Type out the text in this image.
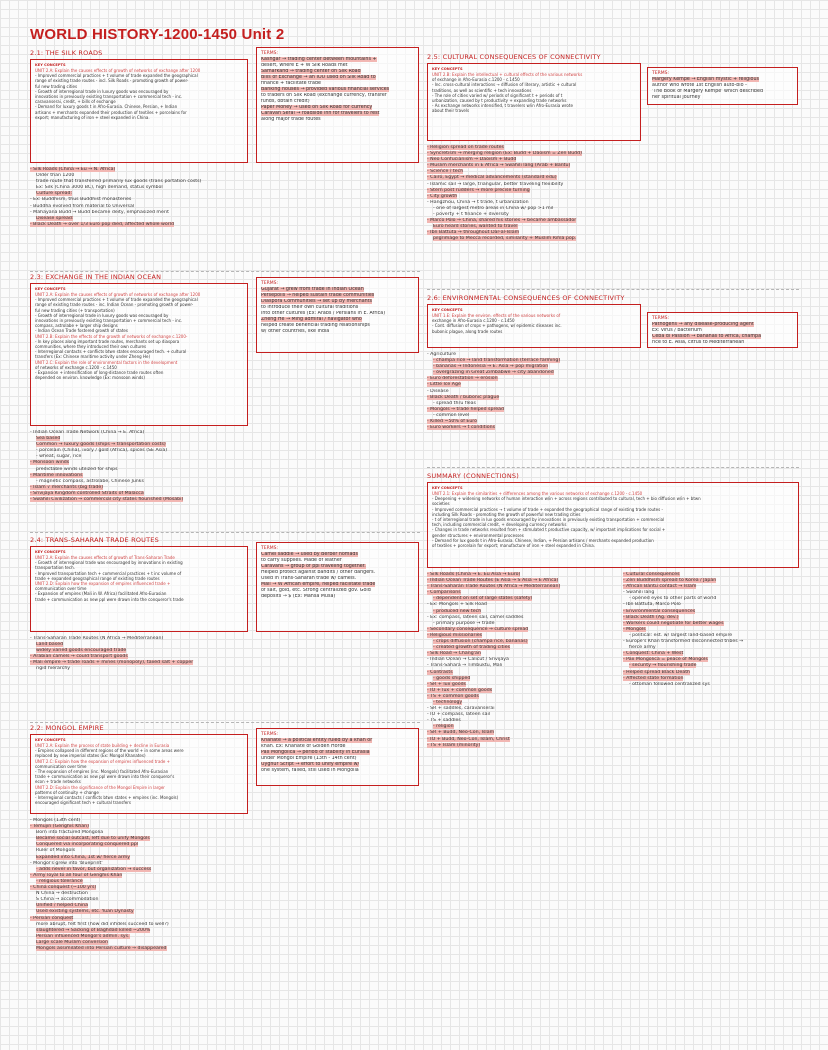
WORLD HISTORY-1200-1450 Unit 2
2.1: THE SILK ROADS
KEY CONCEPTS
UNIT 2.A: Explain the causes effects of growth of networks of exchange after 1200
- Improved commercial practices + t volume of trade expanded the geographical
range of existing trade routes - incl. Silk Roads - promoting growth of power-
ful new trading cities
- Growth of interregional trade in luxury goods was encouraged by
innovations in previously existing transportation + commercial tech - inc.
caravanserai, credit, + bills of exchange
- Demand for luxury goods t in Afro-Eurasia. Chinese, Persian, + Indian
artisans + merchants expanded their production of textiles + porcelains for
export; manufacturing of iron + steel expanded in China.
TERMS:
Kashgar → trading center between mountains +
desert, where E + W Silk Roads met
Samarkand → trading center on Silk Road
Bills of Exchange → an IOU used on Silk Road to
finance + facilitate trade
Banking houses → provided various financial services
to traders on Silk Road (exchange currency, transfer
funds, obtain credit)
Paper Money → used on Silk Road for currency
Caravan Serai → roadside inn for travelers to rest
along major trade routes
- Silk Roads (China → Eu → N. Africa)
Older than 1200
trade route that transferred primarily lux goods (trans portation costs)
Ex: Silk (China 3000 BC), high demand, status symbol
Culture spread:
- Ex: Buddhism, thus Buddhist monasteries
- Buddha evolved from material to Universal
- Mahayana Budd → Budd became deity, emphasized merit
Disease spread:
- Black Death → over 1/3 Euro pop died, affected whole world
2.3: EXCHANGE IN THE INDIAN OCEAN
KEY CONCEPTS
UNIT 2.A: Explain the causes effects of growth of networks of exchange after 1200
- Improved commercial practices + t volume of trade expanded the geographical
range of existing trade routes - inc. Indian Ocean - promoting growth of power-
ful new trading cities (+ transportation)
- Growth of interregional trade in luxury goods was encouraged by
innovations in previously existing transportation + commercial tech - inc.
compass, astrolabe + larger ship designs
- Indian Ocean Trade fostered growth of states
UNIT 2.B: Explain the effects of the growth of networks of exchange c.1200-
- In key places along important trade routes, merchants set up diaspora
communities, where they introduced their own cultures
- Interregional contacts + conflicts btwn states encouraged tech. + cultural
transfers (Ex: Chinese maritime activity under Zheng He)
UNIT 2.C: Explain the role of environmental factors in the development
of networks of exchange c.1200 - c.1450
- Expansion + intensification of long-distance trade routes often
depended on environ. knowledge (Ex: monsoon winds)
TERMS:
Gujarat → grew from trade in Indian Ocean
Persepolis → helped sustain trade communities
Diaspora Communities → set up by merchants
to introduce their own cultural traditions
into other cultures (Ex: Arabs / Persians in E. Africa)
Zheng He → Ming admiral / navigator who
helped create beneficial trading relationships
w/ other countries, like India
- Indian Ocean Trade Network (China → E. Africa)
Sea based
Common → luxury goods (ships → transportation costs)
- porcelain (China), ivory / gold (Africa), spices (SE Asia)
- wheat, sugar, rice
- Monsoon winds
predictable winds utilized for ships
- Maritime innovations
- magnetic compass, astrolabe, Chinese Junks
- Islam √ merchants (big trade)
- Srivijaya Kingdom controlled Straits of Malacca
- Swahili Civilization → commercial city states flourished (Mosabi)
2.4: TRANS-SAHARAN TRADE ROUTES
KEY CONCEPTS
UNIT 2.A: Explain the causes effects of growth of Trans-Saharan Trade
- Growth of interregional trade was encouraged by innovations in existing
transportation tech.
- Improved transportation tech + commercial practices + t inc volume of
trade + expanded geographical range of existing trade routes
UNIT 2.D: Explain how the expansion of empires influenced trade +
communication over time
- Expansion of empires (Mali in W. Africa) facilitated Afro-Eurasian
trade + communication as new ppl were drawn into the conqueror's trade
TERMS:
Camel saddle → used by Berber nomads
to carry supplies. Made of leather
Caravans → group of ppl traveling together.
Helped protect against bandits / other dangers.
Used in Trans-Saharan trade w/ camels.
Mali → W African empire, helped facilitate trade
of salt, gold, etc. Strong centralized gov. Gold
deposits → $ (Ex: Mansa Musa)
- Trans-Saharan Trade Routes (N Africa → Mediterranean)
Land based
widely varied goods encouraged trade
- Arabian camels → could transport goods
- Mali empire → trade roads + mines (monopoly), taxed salt + copper
rigid hierarchy
2.2: MONGOL EMPIRE
KEY CONCEPTS
UNIT 2.A: Explain the process of state building + decline in Eurasia
- Empires collapsed in different regions of the world + in some areas were
replaced by new imperial states (Ex: Mongol Khanates)
UNIT 2.C: Explain how the expansion of empires influenced trade +
communication over time
- The expansion of empires (inc. Mongols) facilitated Afro-Eurasian
trade + communication as new ppl were drawn into their conqueror's
econ + trade networks
UNIT 2.D: Explain the significance of the Mongol Empire in larger
patterns of continuity + change
- Interregional contacts / conflicts btwn states + empires (inc. Mongols)
encouraged significant tech + cultural transfers
TERMS:
Khanate → a political entity ruled by a khan or
khan. Ex: Khanate of Golden Horde
Pax Mongolica → period of stability in Eurasia
under Mongol Empire (13th - 14th cent)
Uyghur Script → effort to unify empire w/
one system, failed, still used in Mongolia
- Mongols (13th cent)
- Temujin (Genghis Khan)
Born into fractured Mongolia
Became social outcast, left due to unify Mongols
Conquered via incorporating conquered ppl
Ruler of Mongols
Expanded into China, 1st w/ fierce army
- Mongol's grew into 'blueprint'
- adds never in favor, but organization → success
- Army loyal to all four of Genghis Khan
- religious tolerance
- China conquest (~100 yrs)
N China → destruction
S China → accommodation
Unified / helped China
Used existing systems, etc. Yuan Dynasty
- Persian conquest
more abrupt, felt first (how did infidels succeed to well?)
slaughtered → Sacking of Baghdad killed ~200%
Persian influenced Mongol's admin. sys.
Large scale Muslim conversion
Mongols assimilated into Persian culture → disappeared
2.5: CULTURAL CONSEQUENCES OF CONNECTIVITY
KEY CONCEPTS
UNIT 2.B: Explain the intellectual + cultural effects of the various networks
of exchange in Afro-Eurasia c.1200 - c.1450
- Inc. cross-cultural interactions → diffusion of literary, artistic + cultural
traditions, as well as scientific + tech innovations
- The role of cities varied w/ periods of significant t + periods of t
urbanization, caused by t productivity + expanding trade networks
- As exchange networks intensified, t travelers w/in Afro-Eurasia wrote
about their travels
TERMS:
Margery Kempe → English mystic + religious
author who wrote 1st English auto-bio -
'The Book of Margery Kempe' which described
her spiritual journey
- Religion spread on trade routes
- Syncretism → merging religion (Ex: Budd + Daoism = Zen Budd)
- Neo Confucianism → Daoism + Budd
- Muslim merchants in E Africa → Swahili lang (Arab + Bantu)
- Science / tech
- Cairo, Egypt → medical advancements (standard edu)
- Islamic sail → large, triangular, better traveling flexibility
- Stern post rudders → more precise turning
- City growth
- Hangzhou, China → t trade, t urbanization
- one of largest metro areas in China w/ pop >1 mil
- poverty + t finance + diversity
- Marco Polo → China, shared his stories → became ambassador
Euro heard stories, wanted to travel
- Ibn Battuta → throughout Dar-al-Islam
pilgrimage to Mecca recorded, similarity + Muslim Rihla pop.
2.6: ENVIRONMENTAL CONSEQUENCES OF CONNECTIVITY
KEY CONCEPTS
UNIT 1.E: Explain the environ. effects of the various networks of
exchange in Afro-Eurasia c.1200 - c.1450
- Cont. diffusion of crops + pathogens, w/ epidemic diseases inc.
bubonic plague, along trade routes
TERMS:
Pathogens → any disease-producing agent
Ex: virus / bacterium
Ceba di Passion → bananas to Africa, champa
rice to E. Asia, citrus to Mediterranean
- Agriculture
- champa rice → land transformation (terrace farming)
- bananas → Indonesia → E. Asia → pop migration
- overgrazing in Great Zimbabwe → city abandoned
- Euro deforestation → erosion
- Little Ice Age
- Disease
- Black Death / bubonic plague
- spread thru fleas
- Mongols → trade helped spread
- common level
- Killed ~50% of Euro
- Euro workers → t conditions
SUMMARY (CONNECTIONS)
KEY CONCEPTS
UNIT 2.1: Explain the similarities + differences among the various networks of exchange c.1200 - c.1450
- Deepening + widening networks of human interaction w/in + across regions contributed to cultural, tech + bio diffusion w/in + btwn
societies
- Improved commercial practices → t volume of trade + expanded the geographical range of existing trade routes -
including Silk Roads - promoting the growth of powerful new trading cities
- t of interregional trade in lux goods encouraged by innovations in previously existing transportation + commercial
tech, including commercial credit, + developing currency networks
- Changes in trade networks resulted from + stimulated t productive capacity, w/ important implications for social +
gender structures + environmental processes
- Demand for lux goods t in Afro-Eurasia. Chinese, Indian, + Persian artisans / merchants expanded production
of textiles + porcelain for export; manufacture of iron + steel expanded in China.
- Silk Roads (China → E. Eu Asia → Euro)
- Indian Ocean Trade Routes (E Asia → S Asia → E Africa)
- Trans-Saharan Trade Routes (N Africa → Mediterranean)
- Comparisons
- dependent on set of large states (safety)
- Ex: Mongols + Silk Road
- produced new tech
- Ex: compass, lateen sail, camel saddles
- primary purpose → trade
- Secondary consequence → culture spread
- Religious missionaries
- crops diffusion (champa rice, bananas)
- created growth of trading cities
- Silk Road → Chang'an
- Indian Ocean → Calicut / Srivijaya
- Trans-Sahara → Timbuktu, Mali
- Contrasts
- goods shipped
- SR + lux goods
- IO + lux + common goods
- TS + common goods
- technology
- SR + saddles, caravanserai
- IO + compass, lateen sail
- TS + saddles
- religion
- SR + Budd, Neo-Con, Islam
- IO + Budd, Neo-Con, Islam, Christ
- TS + Islam (minority)
- Cultural consequences
- Zen Buddhism spread to Korea / Japan
- African Bantu contact → Islam
- Swahili lang
- opened eyes to other parts of world
- Ibn Battuta, Marco Polo
- Environmental consequences
- Black Death (Ag. dev.)
- Workers could negotiate for better wages
- Mongols
- political: est. w/ largest land-based empire
- Europe's Khan transformed disconnected tribes →
fierce army
- Conquest: China + West
- Pax Mongolica = peace of Mongols
- security → flourishing trade
- Helped spread Black Death
- Affected state formation
- ottoman followed centralized sys
